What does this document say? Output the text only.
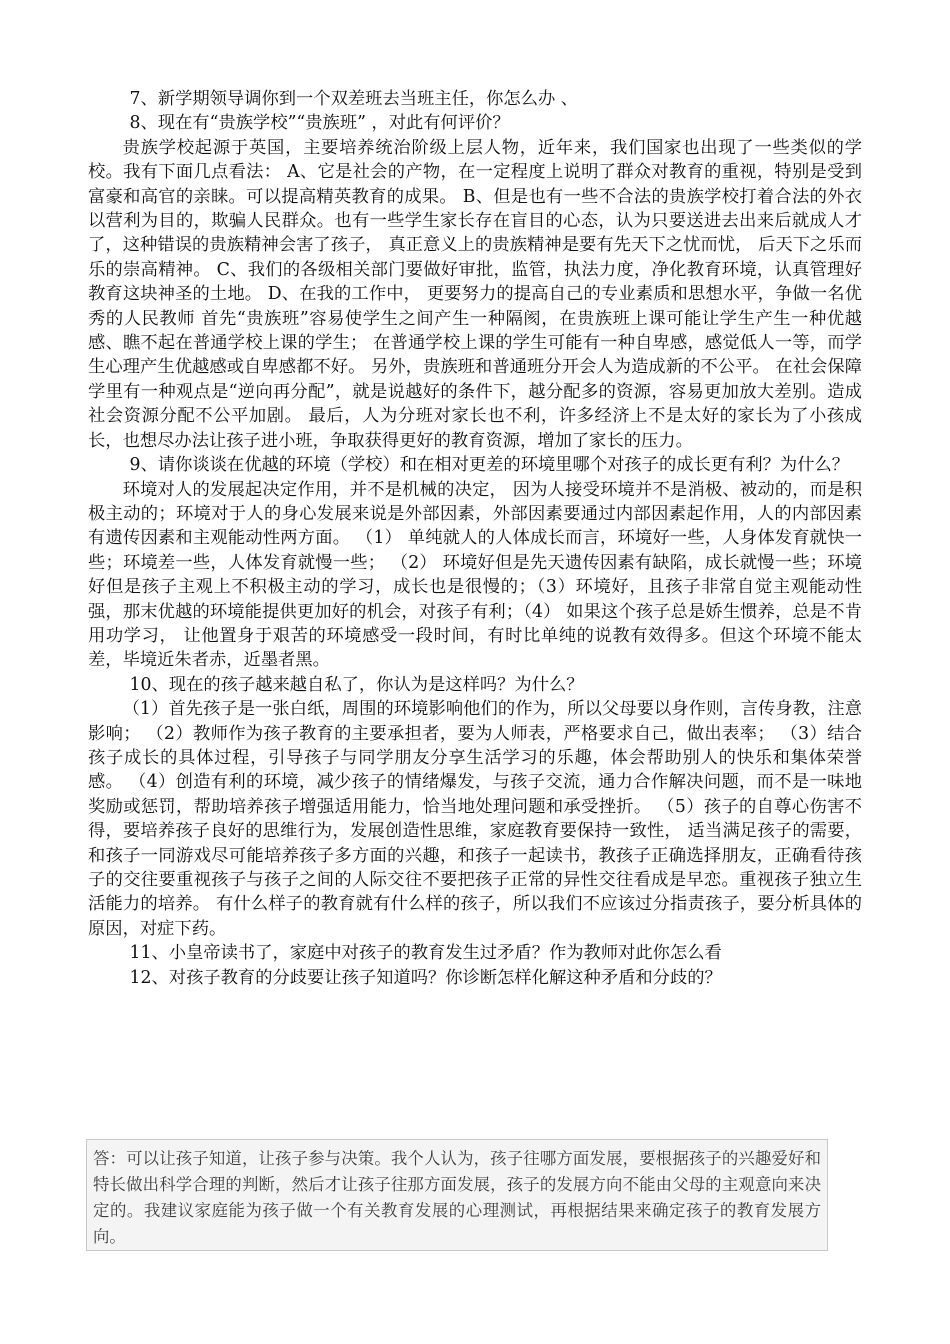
7、新学期领导调你到一个双差班去当班主任，你怎么办 、

8、现在有“贵族学校”“贵族班” ，对此有何评价？

贵族学校起源于英国，主要培养统治阶级上层人物，近年来，我们国家也出现了一些类似的学校。我有下面几点看法： A、它是社会的产物，在一定程度上说明了群众对教育的重视，特别是受到富豪和高官的亲睐。可以提高精英教育的成果。 B、但是也有一些不合法的贵族学校打着合法的外衣以营利为目的，欺骗人民群众。也有一些学生家长存在盲目的心态，认为只要送进去出来后就成人才了，这种错误的贵族精神会害了孩子， 真正意义上的贵族精神是要有先天下之忧而忧， 后天下之乐而乐的崇高精神。 C、我们的各级相关部门要做好审批，监管，执法力度，净化教育环境，认真管理好教育这块神圣的土地。 D、在我的工作中， 更要努力的提高自己的专业素质和思想水平，争做一名优秀的人民教师 首先“贵族班”容易使学生之间产生一种隔阂，在贵族班上课可能让学生产生一种优越感、瞧不起在普通学校上课的学生； 在普通学校上课的学生可能有一种自卑感，感觉低人一等，而学生心理产生优越感或自卑感都不好。 另外，贵族班和普通班分开会人为造成新的不公平。 在社会保障学里有一种观点是“逆向再分配”，就是说越好的条件下，越分配多的资源，容易更加放大差别。造成社会资源分配不公平加剧。 最后，人为分班对家长也不利，许多经济上不是太好的家长为了小孩成长，也想尽办法让孩子进小班，争取获得更好的教育资源，增加了家长的压力。

9、请你谈谈在优越的环境（学校）和在相对更差的环境里哪个对孩子的成长更有利？为什么？

环境对人的发展起决定作用，并不是机械的决定， 因为人接受环境并不是消极、被动的，而是积极主动的；环境对于人的身心发展来说是外部因素，外部因素要通过内部因素起作用，人的内部因素有遗传因素和主观能动性两方面。 （1） 单纯就人的人体成长而言，环境好一些，人身体发育就快一些；环境差一些，人体发育就慢一些； （2） 环境好但是先天遗传因素有缺陷，成长就慢一些；环境好但是孩子主观上不积极主动的学习，成长也是很慢的；（3）环境好，且孩子非常自觉主观能动性强，那末优越的环境能提供更加好的机会，对孩子有利；（4） 如果这个孩子总是娇生惯养，总是不肯用功学习， 让他置身于艰苦的环境感受一段时间，有时比单纯的说教有效得多。但这个环境不能太差，毕境近朱者赤，近墨者黑。

10、现在的孩子越来越自私了，你认为是这样吗？为什么？

（1）首先孩子是一张白纸，周围的环境影响他们的作为，所以父母要以身作则，言传身教，注意影响； （2）教师作为孩子教育的主要承担者，要为人师表，严格要求自己，做出表率； （3）结合孩子成长的具体过程，引导孩子与同学朋友分享生活学习的乐趣，体会帮助别人的快乐和集体荣誉感。 （4）创造有利的环境，减少孩子的情绪爆发，与孩子交流，通力合作解决问题，而不是一味地奖励或惩罚，帮助培养孩子增强适用能力，恰当地处理问题和承受挫折。 （5）孩子的自尊心伤害不得，要培养孩子良好的思维行为，发展创造性思维，家庭教育要保持一致性， 适当满足孩子的需要，和孩子一同游戏尽可能培养孩子多方面的兴趣，和孩子一起读书，教孩子正确选择朋友，正确看待孩子的交往要重视孩子与孩子之间的人际交往不要把孩子正常的异性交往看成是早恋。重视孩子独立生活能力的培养。 有什么样子的教育就有什么样的孩子，所以我们不应该过分指责孩子，要分析具体的原因，对症下药。

11、小皇帝读书了，家庭中对孩子的教育发生过矛盾？作为教师对此你怎么看

12、对孩子教育的分歧要让孩子知道吗？你诊断怎样化解这种矛盾和分歧的？

答：可以让孩子知道，让孩子参与决策。我个人认为，孩子往哪方面发展，要根据孩子的兴趣爱好和特长做出科学合理的判断，然后才让孩子往那方面发展，孩子的发展方向不能由父母的主观意向来决定的。我建议家庭能为孩子做一个有关教育发展的心理测试，再根据结果来确定孩子的教育发展方向。
